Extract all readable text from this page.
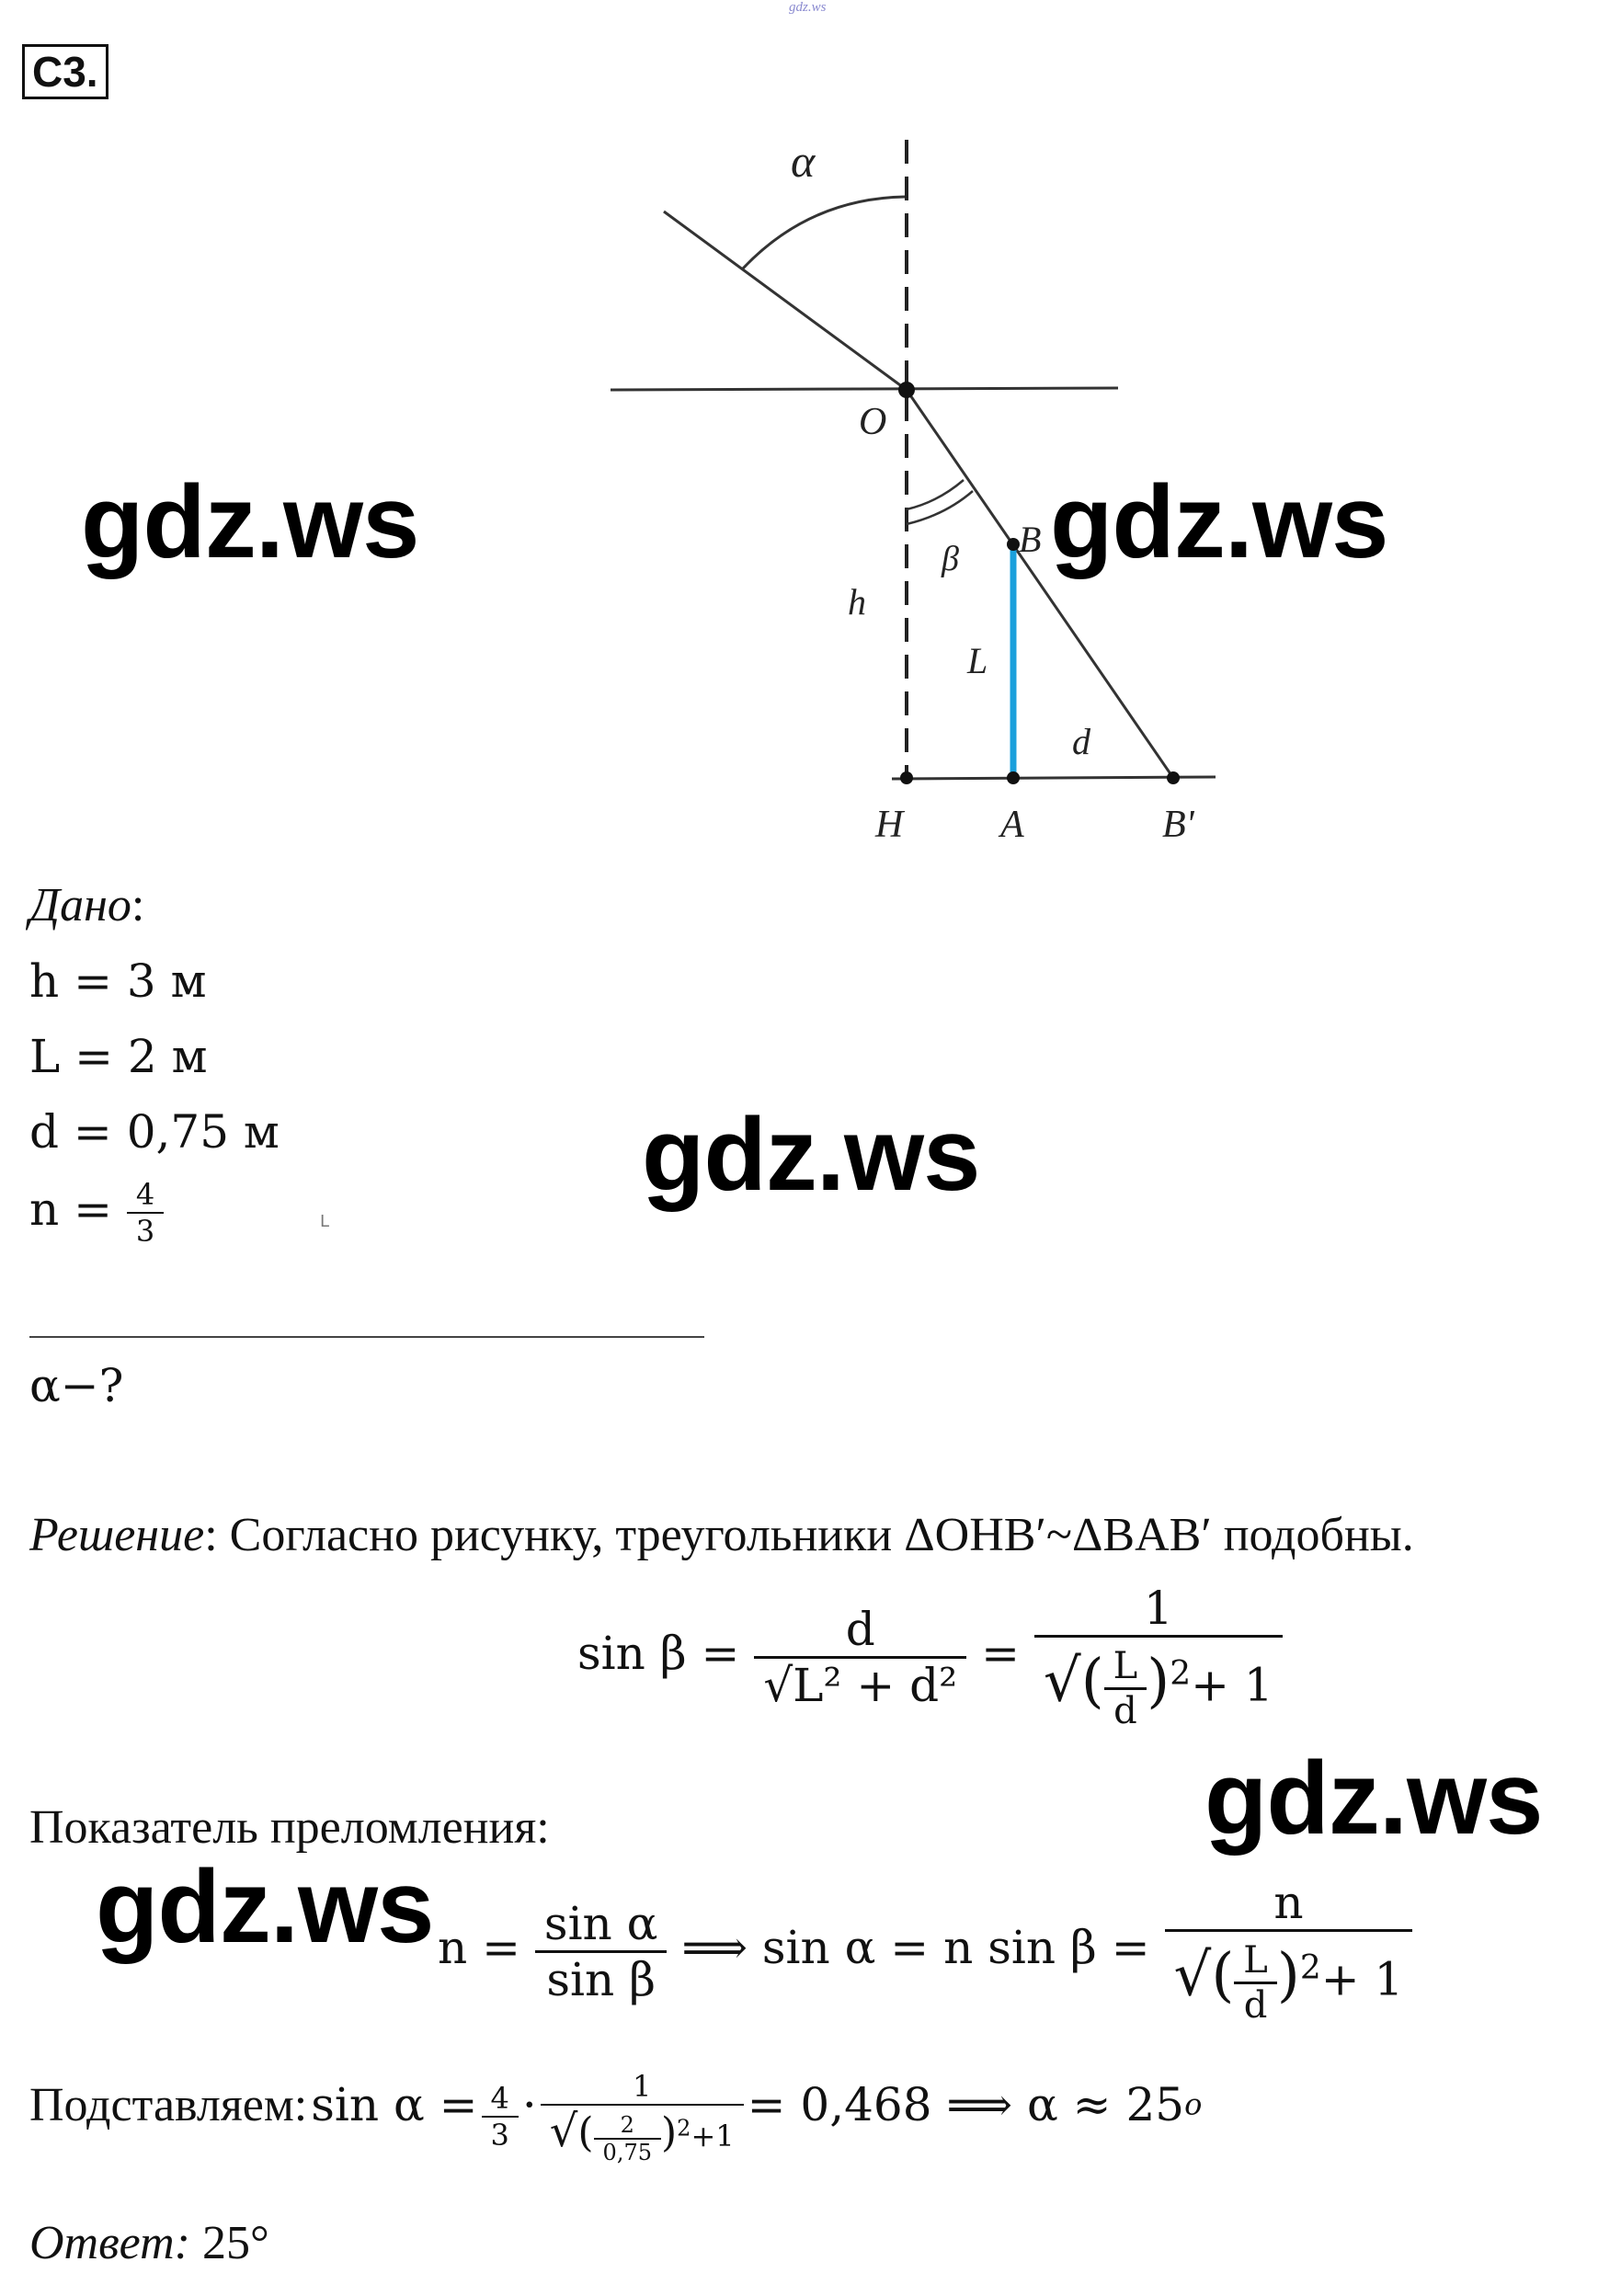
gdz.ws
С3.
α
O
β B
h
L
d
H	A	B'
gdz.ws	gdz.ws
gdz.ws
gdz.ws
gdz.ws
Дано:
h = 3 м
L = 2 м
d = 0,75 м
$n = \frac{4}{3}$	L
α−?
Решение: Согласно рисунку, треугольники ΔOHB′~ΔBAB′ подобны.
$\sin \beta = \frac{d}{\text{√L² + d²}} = \frac{1}{√( \frac{L}{d} )^2+ 1}$
Показатель преломления:
$n = \frac{\text{sin α}}{\text{sin β}}$ ⟹ sin α = n $\sin \beta = \frac{n}{√( \frac{L}{d} )^2+ 1}$
Подставляем: $\sin \alpha = \frac{4}{3} \cdot \frac{1}{√( \frac{2}{0,75} )^2+1} = 0,468$ ⟹ $\alpha \approx 25^o$
Ответ: 25°
